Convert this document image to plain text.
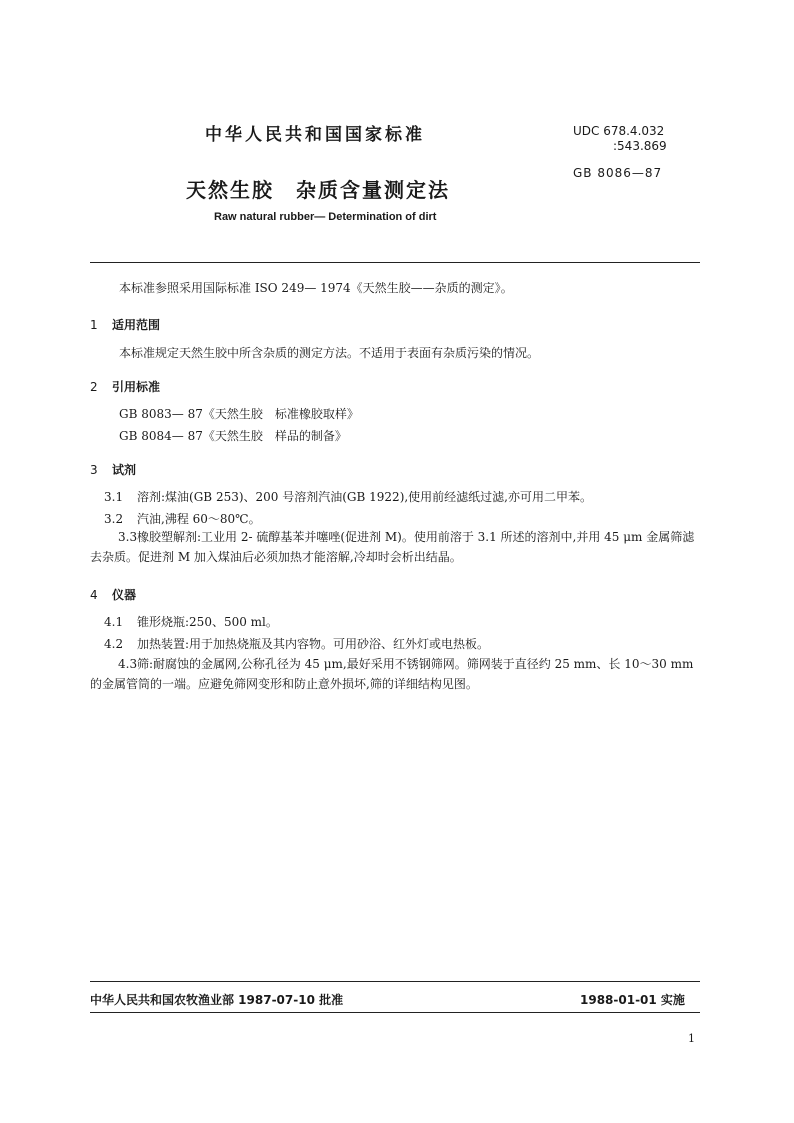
中华人民共和国国家标准	UDC 678.4.032
:543.869
GB 8086—87
天然生胶 杂质含量测定法
Raw natural rubber— Determination of dirt
本标准参照采用国际标准 ISO 249— 1974《天然生胶——杂质的测定》。
1 适用范围
本标准规定天然生胶中所含杂质的测定方法。不适用于表面有杂质污染的情况。
2 引用标准
GB 8083— 87《天然生胶　标准橡胶取样》
GB 8084— 87《天然生胶　样品的制备》
3 试剂
3.1 溶剂:煤油(GB 253)、200 号溶剂汽油(GB 1922),使用前经滤纸过滤,亦可用二甲苯。
3.2 汽油,沸程 60～80℃。
3.3橡胶塑解剂:工业用 2- 硫醇基苯并噻唑(促进剂 M)。使用前溶于 3.1 所述的溶剂中,并用 45 μm 金属筛滤去杂质。促进剂 M 加入煤油后必须加热才能溶解,冷却时会析出结晶。
4 仪器
4.1 锥形烧瓶:250、500 ml。
4.2 加热装置:用于加热烧瓶及其内容物。可用砂浴、红外灯或电热板。
4.3筛:耐腐蚀的金属网,公称孔径为 45 μm,最好采用不锈钢筛网。筛网装于直径约 25 mm、长 10～30 mm 的金属管筒的一端。应避免筛网变形和防止意外损坏,筛的详细结构见图。
中华人民共和国农牧渔业部 1987-07-10 批准	1988-01-01 实施
1
